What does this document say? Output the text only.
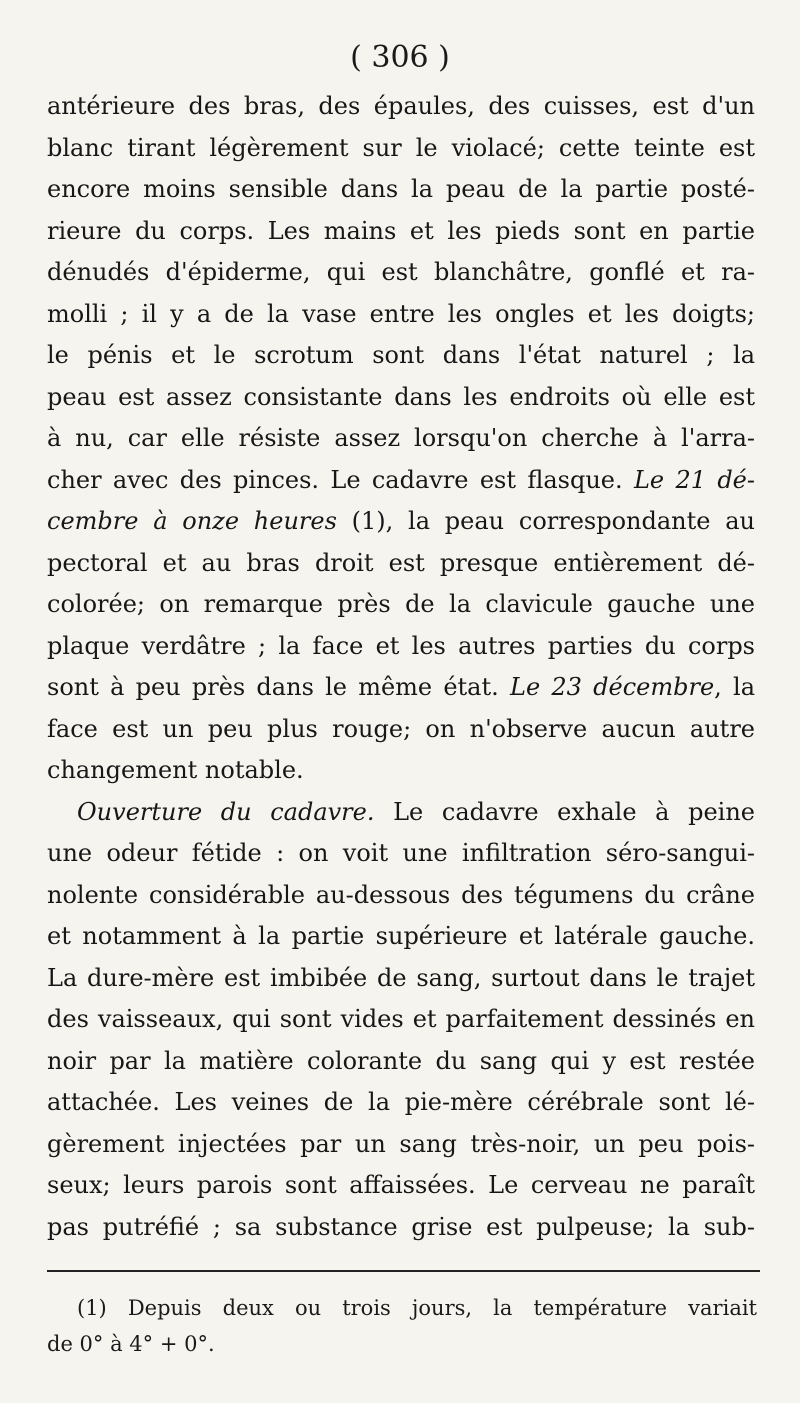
( 306 )
antérieure des bras, des épaules, des cuisses, est d'un
blanc tirant légèrement sur le violacé; cette teinte est
encore moins sensible dans la peau de la partie posté-
rieure du corps. Les mains et les pieds sont en partie
dénudés d'épiderme, qui est blanchâtre, gonflé et ra-
molli ; il y a de la vase entre les ongles et les doigts;
le pénis et le scrotum sont dans l'état naturel ; la
peau est assez consistante dans les endroits où elle est
à nu, car elle résiste assez lorsqu'on cherche à l'arra-
cher avec des pinces. Le cadavre est flasque. Le 21 dé-
cembre à onze heures (1), la peau correspondante au
pectoral et au bras droit est presque entièrement dé-
colorée; on remarque près de la clavicule gauche une
plaque verdâtre ; la face et les autres parties du corps
sont à peu près dans le même état. Le 23 décembre, la
face est un peu plus rouge; on n'observe aucun autre
changement notable.
Ouverture du cadavre. Le cadavre exhale à peine
une odeur fétide : on voit une infiltration séro-sangui-
nolente considérable au-dessous des tégumens du crâne
et notamment à la partie supérieure et latérale gauche.
La dure-mère est imbibée de sang, surtout dans le trajet
des vaisseaux, qui sont vides et parfaitement dessinés en
noir par la matière colorante du sang qui y est restée
attachée. Les veines de la pie-mère cérébrale sont lé-
gèrement injectées par un sang très-noir, un peu pois-
seux; leurs parois sont affaissées. Le cerveau ne paraît
pas putréfié ; sa substance grise est pulpeuse; la sub-
(1) Depuis deux ou trois jours, la température variait
de 0° à 4° + 0°.
